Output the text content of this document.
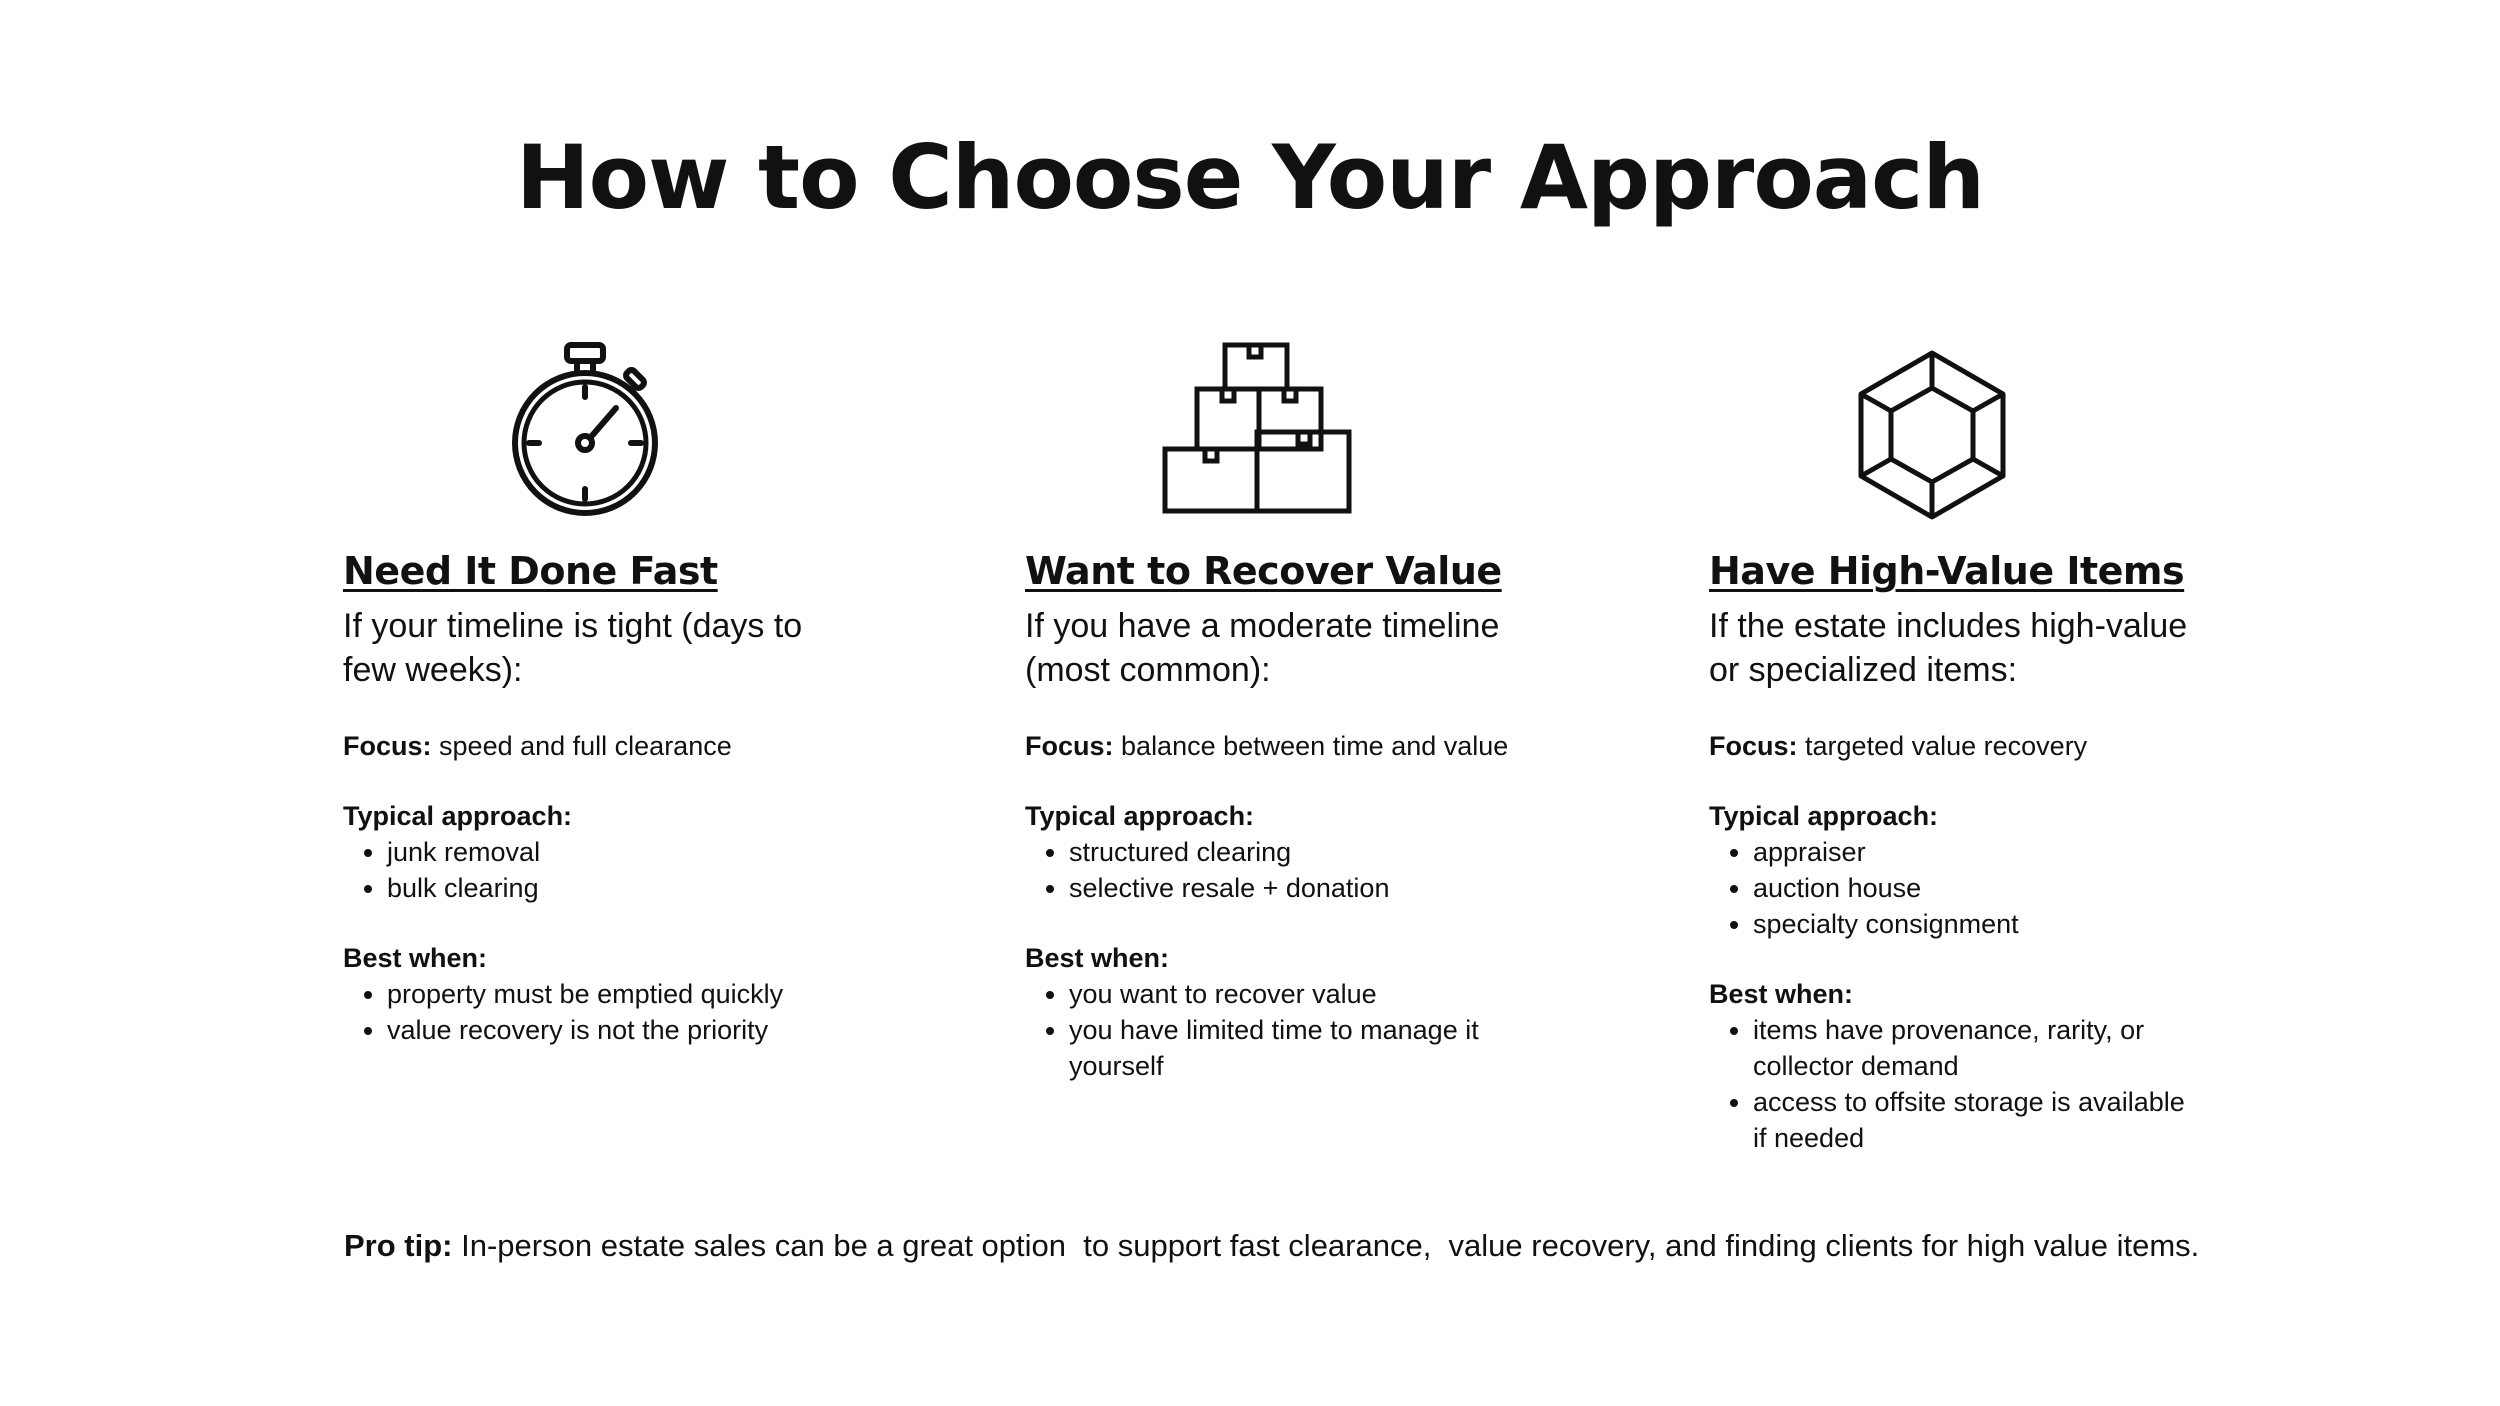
How to Choose Your Approach
Need It Done Fast

If your timeline is tight (days to few weeks):

Focus: speed and full clearance

Typical approach:

• junk removal
• bulk clearing

Best when:

• property must be emptied quickly
• value recovery is not the priority
Want to Recover Value

If you have a moderate timeline (most common):

Focus: balance between time and value

Typical approach:

• structured clearing
• selective resale + donation

Best when:

• you want to recover value
• you have limited time to manage it yourself
Have High-Value Items

If the estate includes high-value or specialized items:

Focus: targeted value recovery

Typical approach:

• appraiser
• auction house
• specialty consignment

Best when:

• items have provenance, rarity, or collector demand
• access to offsite storage is available if needed
Pro tip: In-person estate sales can be a great option  to support fast clearance,  value recovery, and finding clients for high value items.
